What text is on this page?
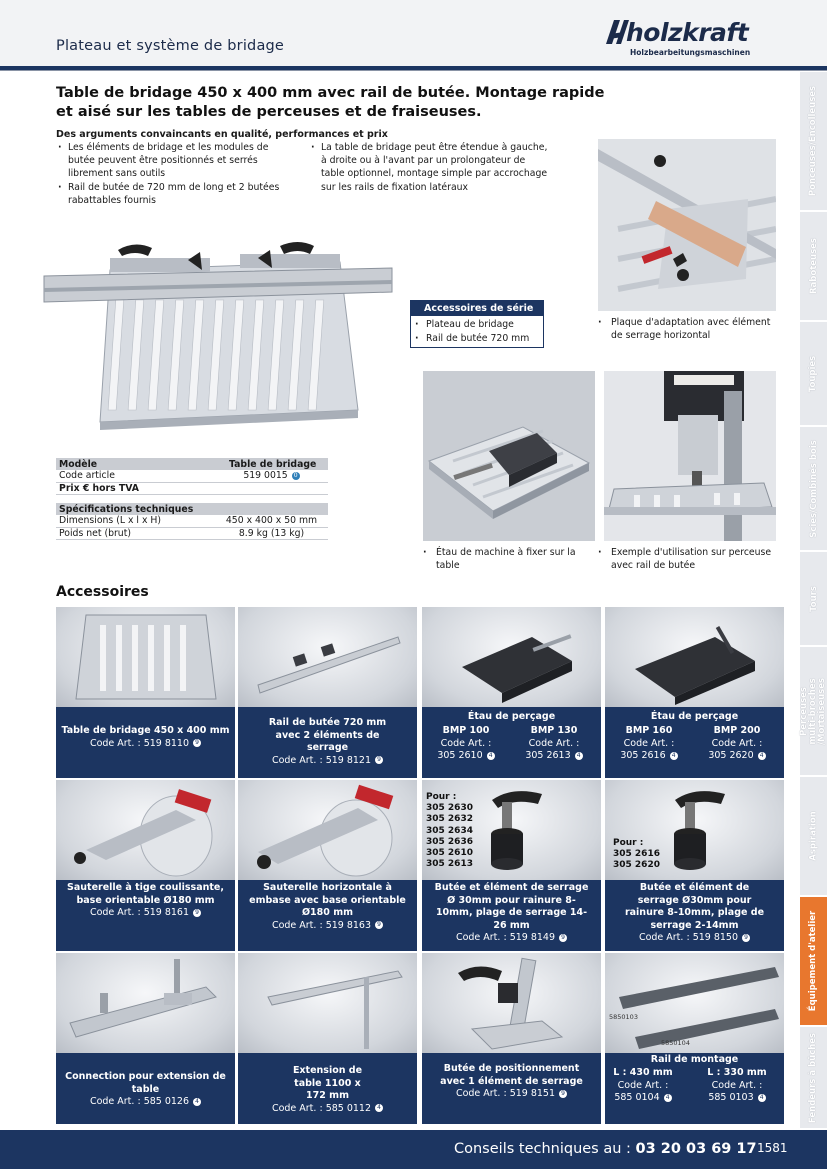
Plateau et système de bridage	holzkraft
Holzbearbeitungsmaschinen
Ponceuses/Encolleuses
Raboteuses
Toupies
Scies/Combinés bois
Tours
Perceuses multi-broches /Mortaiseuses
Aspiration
Équipement d'atelier
Fendeurs à bûches
Table de bridage 450 x 400 mm avec rail de butée. Montage rapide et aisé sur les tables de perceuses et de fraiseuses.
Des arguments convaincants en qualité, performances et prix
· Les éléments de bridage et les modules de butée peuvent être positionnés et serrés librement sans outils
· Rail de butée de 720 mm de long et 2 butées rabattables fournis
· La table de bridage peut être étendue à gauche, à droite ou à l'avant par un prolongateur de table optionnel, montage simple par accrochage sur les rails de fixation latéraux
Accessoires de série
· Plateau de bridage
· Rail de butée 720 mm
·	Plaque d'adaptation avec élément de serrage horizontal
·	Étau de machine à fixer sur la table
·	Exemple d'utilisation sur perceuse avec rail de butée
Modèle	Table de bridage
Code article	519 0015 0
Prix € hors TVA	

Spécifications techniques	
Dimensions (L x l x H)	450 x 400 x 50 mm
Poids net (brut)	8.9 kg (13 kg)
Accessoires
Table de bridage 450 x 400 mm
Code Art. : 519 8110 9
Rail de butée 720 mm avec 2 éléments de serrage
Code Art. : 519 8121 9
Étau de perçage
BMP 100
Code Art. :
305 2610 4
BMP 130
Code Art. :
305 2613 4
Étau de perçage
BMP 160
Code Art. :
305 2616 4
BMP 200
Code Art. :
305 2620 4
Sauterelle à tige coulissante, base orientable Ø180 mm
Code Art. : 519 8161 9
Sauterelle horizontale à embase avec base orientable Ø180 mm
Code Art. : 519 8163 9
Pour :
305 2630
305 2632
305 2634
305 2636
305 2610
305 2613
Butée et élément de serrage Ø 30mm pour rainure 8-10mm, plage de serrage 14-26 mm
Code Art. : 519 8149 9
Pour :
305 2616
305 2620
Butée et élément de serrage Ø30mm pour rainure 8-10mm, plage de serrage 2-14mm
Code Art. : 519 8150 9
Connection pour extension de table
Code Art. : 585 0126 4
Extension de table 1100 x 172 mm
Code Art. : 585 0112 4
Butée de positionnement avec 1 élément de serrage
Code Art. : 519 8151 9
5850103
5850104
Rail de montage
L : 430 mm
Code Art. :
585 0104 4
L : 330 mm
Code Art. :
585 0103 4
Conseils techniques au : 03 20 03 69 17 1581
